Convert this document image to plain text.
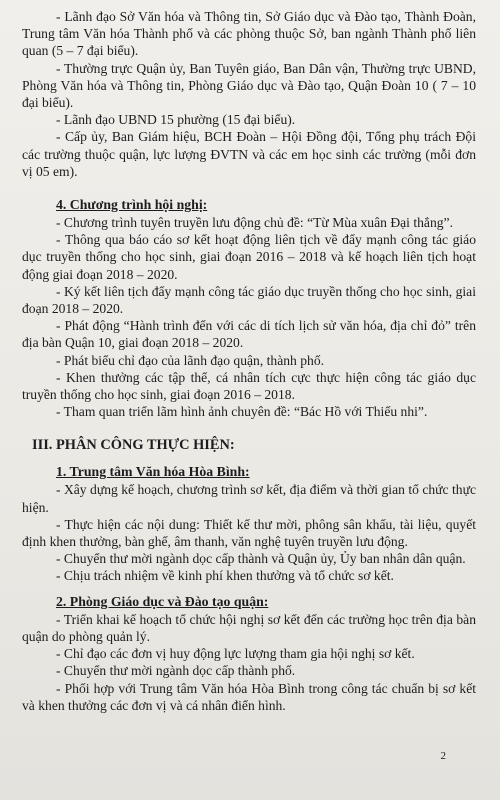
- Lãnh đạo Sở Văn hóa và Thông tin, Sở Giáo dục và Đào tạo, Thành Đoàn, Trung tâm Văn hóa Thành phố và các phòng thuộc Sở, ban ngành Thành phố liên quan (5 – 7 đại biểu).

- Thường trực Quận ủy, Ban Tuyên giáo, Ban Dân vận, Thường trực UBND, Phòng Văn hóa và Thông tin, Phòng Giáo dục và Đào tạo, Quận Đoàn 10 ( 7 – 10 đại biểu).

- Lãnh đạo UBND 15 phường (15 đại biểu).

- Cấp ủy, Ban Giám hiệu, BCH Đoàn – Hội Đồng đội, Tổng phụ trách Đội các trường thuộc quận, lực lượng ĐVTN và các em học sinh các trường (mỗi đơn vị 05 em).

4. Chương trình hội nghị:

- Chương trình tuyên truyền lưu động chủ đề: “Từ Mùa xuân Đại thắng”.

- Thông qua báo cáo sơ kết hoạt động liên tịch về đẩy mạnh công tác giáo dục truyền thống cho học sinh, giai đoạn 2016 – 2018 và kế hoạch liên tịch hoạt động giai đoạn 2018 – 2020.

- Ký kết liên tịch đẩy mạnh công tác giáo dục truyền thống cho học sinh, giai đoạn 2018 – 2020.

- Phát động “Hành trình đến với các di tích lịch sử văn hóa, địa chỉ đỏ” trên địa bàn Quận 10, giai đoạn 2018 – 2020.

- Phát biểu chỉ đạo của lãnh đạo quận, thành phố.

- Khen thưởng các tập thể, cá nhân tích cực thực hiện công tác giáo dục truyền thống cho học sinh, giai đoạn 2016 – 2018.

- Tham quan triển lãm hình ảnh chuyên đề: “Bác Hồ với Thiếu nhi”.

III. PHÂN CÔNG THỰC HIỆN:
1. Trung tâm Văn hóa Hòa Bình:

- Xây dựng kế hoạch, chương trình sơ kết, địa điểm và thời gian tổ chức thực hiện.

- Thực hiện các nội dung: Thiết kế thư mời, phông sân khấu, tài liệu, quyết định khen thưởng, bàn ghế, âm thanh, văn nghệ tuyên truyền lưu động.

- Chuyển thư mời ngành dọc cấp thành và Quận ủy, Ủy ban nhân dân quận.

- Chịu trách nhiệm về kinh phí khen thưởng và tổ chức sơ kết.

2. Phòng Giáo dục và Đào tạo quận:

- Triển khai kế hoạch tổ chức hội nghị sơ kết đến các trường học trên địa bàn quận do phòng quản lý.

- Chỉ đạo các đơn vị huy động lực lượng tham gia hội nghị sơ kết.

- Chuyển thư mời ngành dọc cấp thành phố.

- Phối hợp với Trung tâm Văn hóa Hòa Bình trong công tác chuẩn bị sơ kết và khen thưởng các đơn vị và cá nhân điển hình.

2
